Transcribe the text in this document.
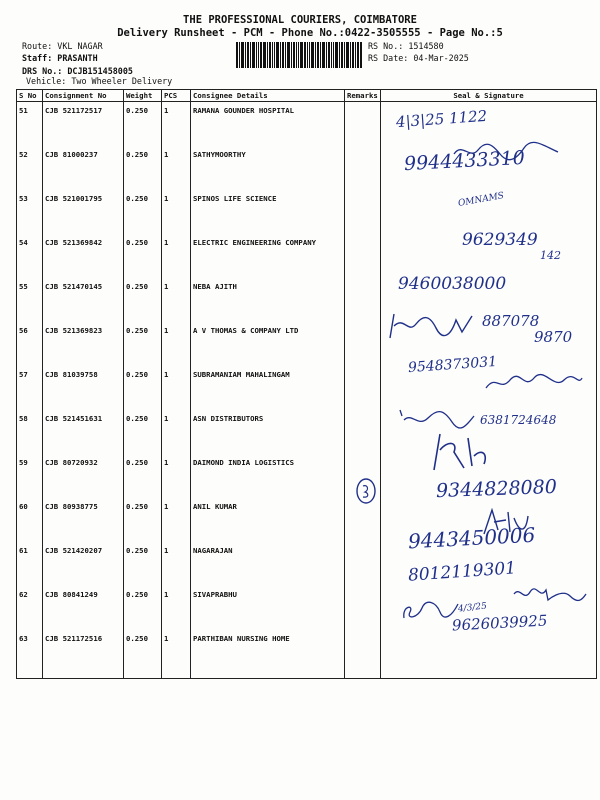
THE PROFESSIONAL COURIERS, COIMBATORE
Delivery Runsheet - PCM - Phone No.:0422-3505555 - Page No.:5
Route: VKL NAGAR
Staff: PRASANTH
DRS No.: DCJB151458005
Vehicle: Two Wheeler Delivery
RS No.: 1514580
RS Date: 04-Mar-2025
S No	Consignment No	Weight	PCS	Consignee Details	Remarks	Seal & Signature
51	CJB 521172517	0.250	1	RAMANA GOUNDER HOSPITAL		
52	CJB 81000237	0.250	1	SATHYMOORTHY		
53	CJB 521001795	0.250	1	SPINOS LIFE SCIENCE		
54	CJB 521369842	0.250	1	ELECTRIC ENGINEERING COMPANY		
55	CJB 521470145	0.250	1	NEBA AJITH		
56	CJB 521369823	0.250	1	A V THOMAS & COMPANY LTD		
57	CJB 81039758	0.250	1	SUBRAMANIAM MAHALINGAM		
58	CJB 521451631	0.250	1	ASN DISTRIBUTORS		
59	CJB 80720932	0.250	1	DAIMOND INDIA LOGISTICS		
60	CJB 80938775	0.250	1	ANIL KUMAR		
61	CJB 521420207	0.250	1	NAGARAJAN		
62	CJB 80841249	0.250	1	SIVAPRABHU		
63	CJB 521172516	0.250	1	PARTHIBAN NURSING HOME		
4|3|25 1122
9944433310
OMNAMS
9629349
142
9460038000
887078
9870
9548373031
6381724648
9344828080
9443450006
8012119301
4/3/25
9626039925
